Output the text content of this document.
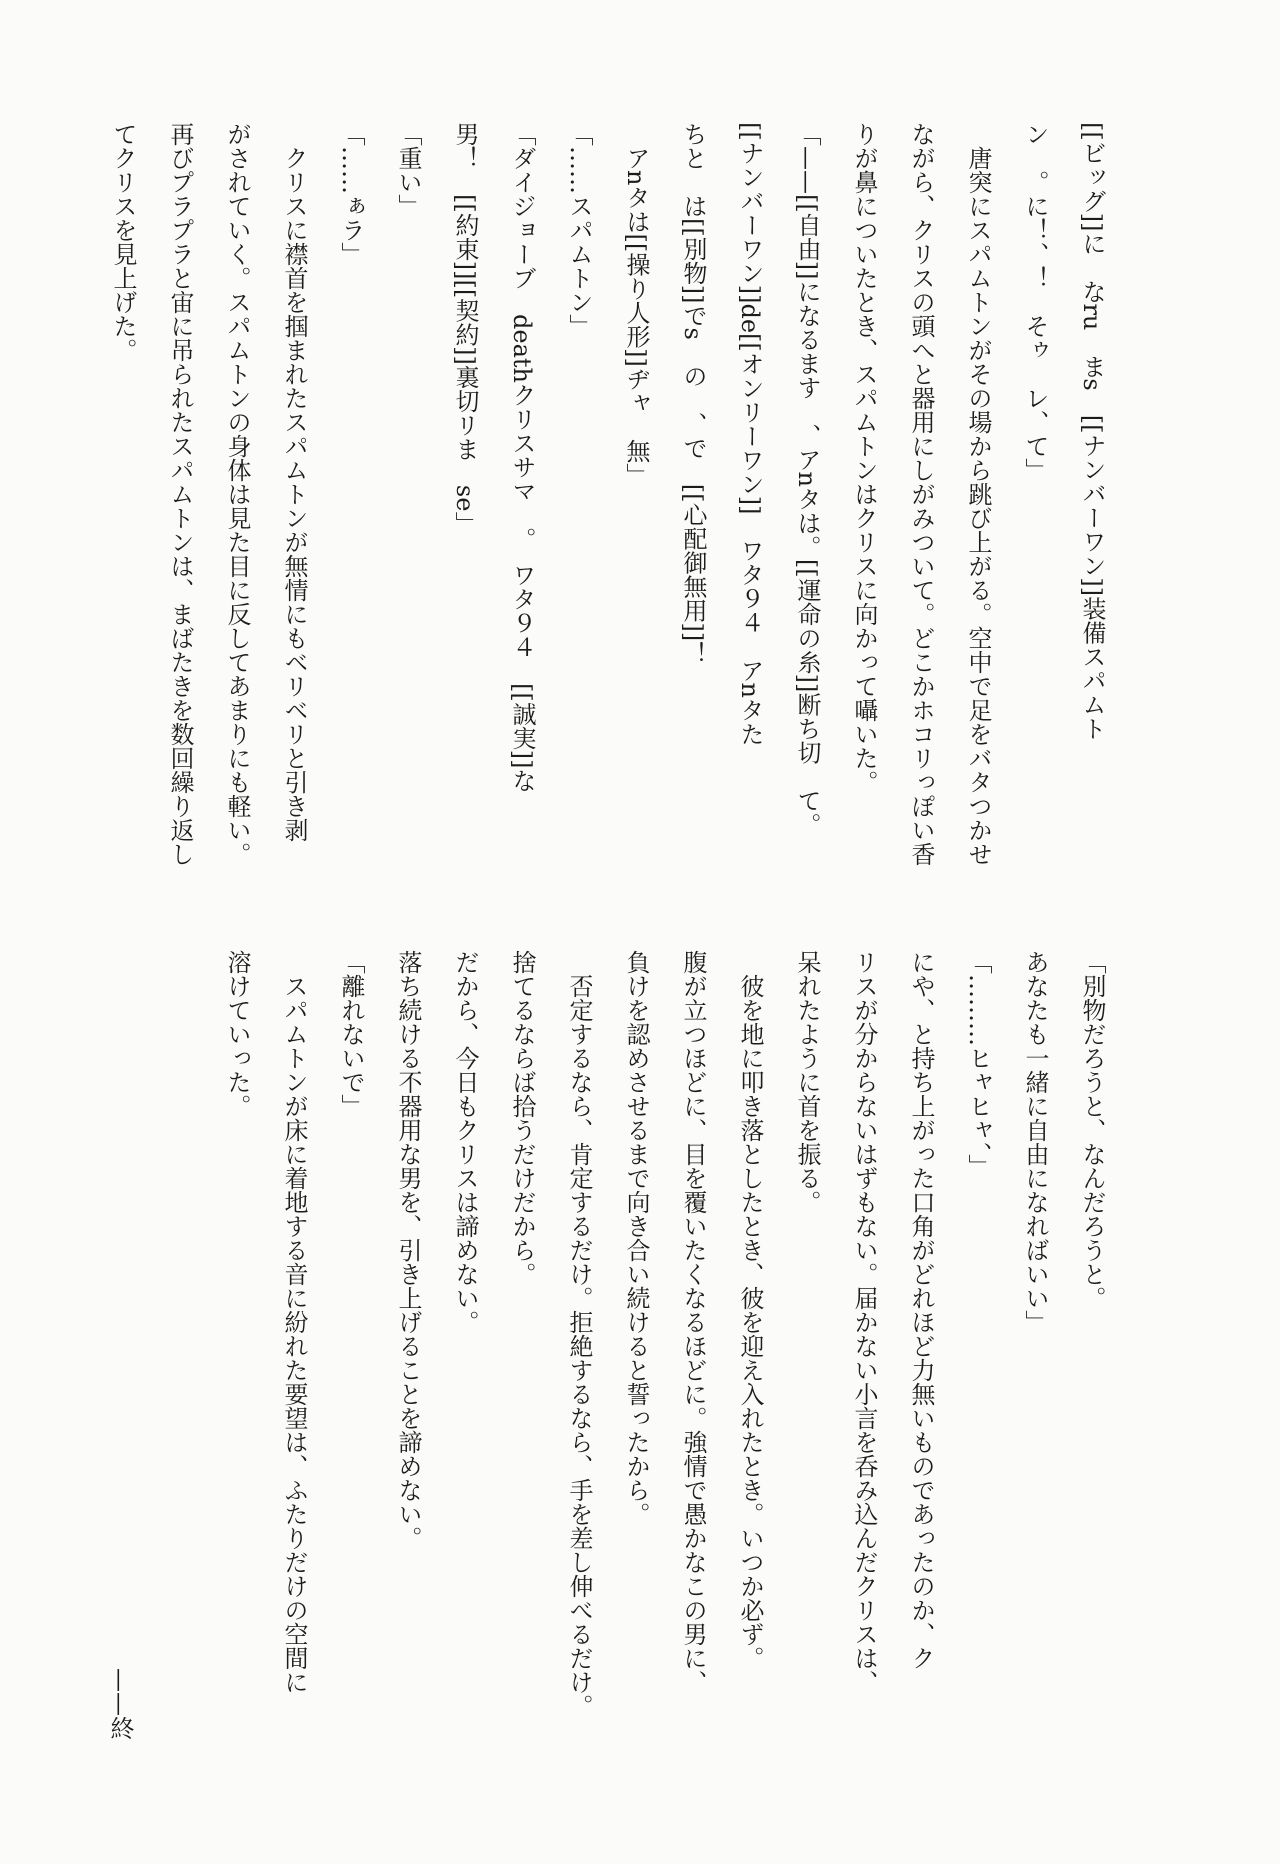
[[ビッグ]]に　なru　まs　[[ナンバーワン]]装備スパムト

ン　。に！、！　そゥ　レ、て」

　唐突にスパムトンがその場から跳び上がる。空中で足をバタつかせ

ながら、クリスの頭へと器用にしがみついて。どこかホコリっぽい香

りが鼻についたとき、スパムトンはクリスに向かって囁いた。

「——[[自由]]になるます　、アnタは。[[運命の糸]]断ち切　て。

[[ナンバーワン]]de[[オンリーワン]]　ワタ９４　アnタた

ちと　は[[別物]]でs　の　、で　[[心配御無用]]！

　アnタは[[操り人形]]ヂャ　無」

「……スパムトン」

「ダイジョーブ　deathクリスサマ　。　ワタ９４　[[誠実]]な

男！　[[約束]][[契約]]裏切リま　se」

「重い」

「……ぁラ」

　クリスに襟首を掴まれたスパムトンが無情にもベリベリと引き剥

がされていく。スパムトンの身体は見た目に反してあまりにも軽い。

再びプラプラと宙に吊られたスパムトンは、まばたきを数回繰り返し

てクリスを見上げた。

「別物だろうと、なんだろうと。

あなたも一緒に自由になればいい」

「………ヒャヒャ、」

にや、と持ち上がった口角がどれほど力無いものであったのか、ク

リスが分からないはずもない。届かない小言を呑み込んだクリスは、

呆れたように首を振る。

　彼を地に叩き落としたとき、彼を迎え入れたとき。いつか必ず。

腹が立つほどに、目を覆いたくなるほどに。強情で愚かなこの男に、

負けを認めさせるまで向き合い続けると誓ったから。

　否定するなら、肯定するだけ。拒絶するなら、手を差し伸べるだけ。

捨てるならば拾うだけだから。

だから、今日もクリスは諦めない。

落ち続ける不器用な男を、引き上げることを諦めない。

「離れないで」

　スパムトンが床に着地する音に紛れた要望は、ふたりだけの空間に

溶けていった。

——終
